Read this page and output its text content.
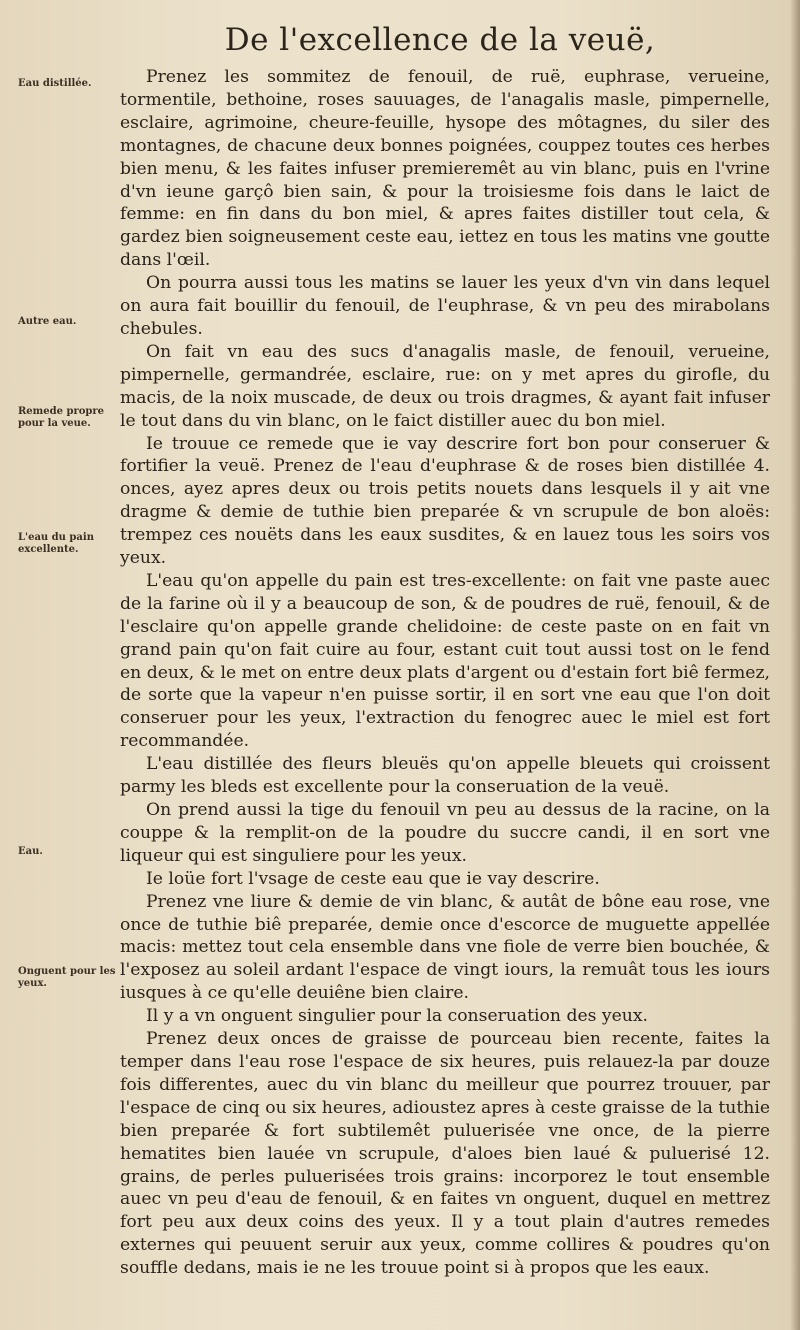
De l'excellence de la veuë,
Eau distillée.
Autre eau.
Remede propre pour la veue.
L'eau du pain excellente.
Eau.
Onguent pour les yeux.

Prenez les sommitez de fenouil, de ruë, euphrase, verueine, tormentile, bethoine, roses sauuages, de l'anagalis masle, pimpernelle, esclaire, agrimoine, cheure-feuille, hysope des môtagnes, du siler des montagnes, de chacune deux bonnes poignées, couppez toutes ces herbes bien menu, & les faites infuser premieremêt au vin blanc, puis en l'vrine d'vn ieune garçô bien sain, & pour la troisiesme fois dans le laict de femme: en fin dans du bon miel, & apres faites distiller tout cela, & gardez bien soigneusement ceste eau, iettez en tous les matins vne goutte dans l'œil.

On pourra aussi tous les matins se lauer les yeux d'vn vin dans lequel on aura fait bouillir du fenouil, de l'euphrase, & vn peu des mirabolans chebules.

On fait vn eau des sucs d'anagalis masle, de fenouil, verueine, pimpernelle, germandrée, esclaire, rue: on y met apres du girofle, du macis, de la noix muscade, de deux ou trois dragmes, & ayant fait infuser le tout dans du vin blanc, on le faict distiller auec du bon miel.

Ie trouue ce remede que ie vay descrire fort bon pour conseruer & fortifier la veuë. Prenez de l'eau d'euphrase & de roses bien distillée 4. onces, ayez apres deux ou trois petits nouets dans lesquels il y ait vne dragme & demie de tuthie bien preparée & vn scrupule de bon aloës: trempez ces nouëts dans les eaux susdites, & en lauez tous les soirs vos yeux.

L'eau qu'on appelle du pain est tres-excellente: on fait vne paste auec de la farine où il y a beaucoup de son, & de poudres de ruë, fenouil, & de l'esclaire qu'on appelle grande chelidoine: de ceste paste on en fait vn grand pain qu'on fait cuire au four, estant cuit tout aussi tost on le fend en deux, & le met on entre deux plats d'argent ou d'estain fort biê fermez, de sorte que la vapeur n'en puisse sortir, il en sort vne eau que l'on doit conseruer pour les yeux, l'extraction du fenogrec auec le miel est fort recommandée.

L'eau distillée des fleurs bleuës qu'on appelle bleuets qui croissent parmy les bleds est excellente pour la conseruation de la veuë.

On prend aussi la tige du fenouil vn peu au dessus de la racine, on la couppe & la remplit-on de la poudre du succre candi, il en sort vne liqueur qui est singuliere pour les yeux.

Ie loüe fort l'vsage de ceste eau que ie vay descrire.

Prenez vne liure & demie de vin blanc, & autât de bône eau rose, vne once de tuthie biê preparée, demie once d'escorce de muguette appellée macis: mettez tout cela ensemble dans vne fiole de verre bien bouchée, & l'exposez au soleil ardant l'espace de vingt iours, la remuât tous les iours iusques à ce qu'elle deuiêne bien claire.

Il y a vn onguent singulier pour la conseruation des yeux.

Prenez deux onces de graisse de pourceau bien recente, faites la temper dans l'eau rose l'espace de six heures, puis relauez-la par douze fois differentes, auec du vin blanc du meilleur que pourrez trouuer, par l'espace de cinq ou six heures, adioustez apres à ceste graisse de la tuthie bien preparée & fort subtilemêt puluerisée vne once, de la pierre hematites bien lauée vn scrupule, d'aloes bien laué & puluerisé 12. grains, de perles puluerisées trois grains: incorporez le tout ensemble auec vn peu d'eau de fenouil, & en faites vn onguent, duquel en mettrez fort peu aux deux coins des yeux. Il y a tout plain d'autres remedes externes qui peuuent seruir aux yeux, comme collires & poudres qu'on souffle dedans, mais ie ne les trouue point si à propos que les eaux.
